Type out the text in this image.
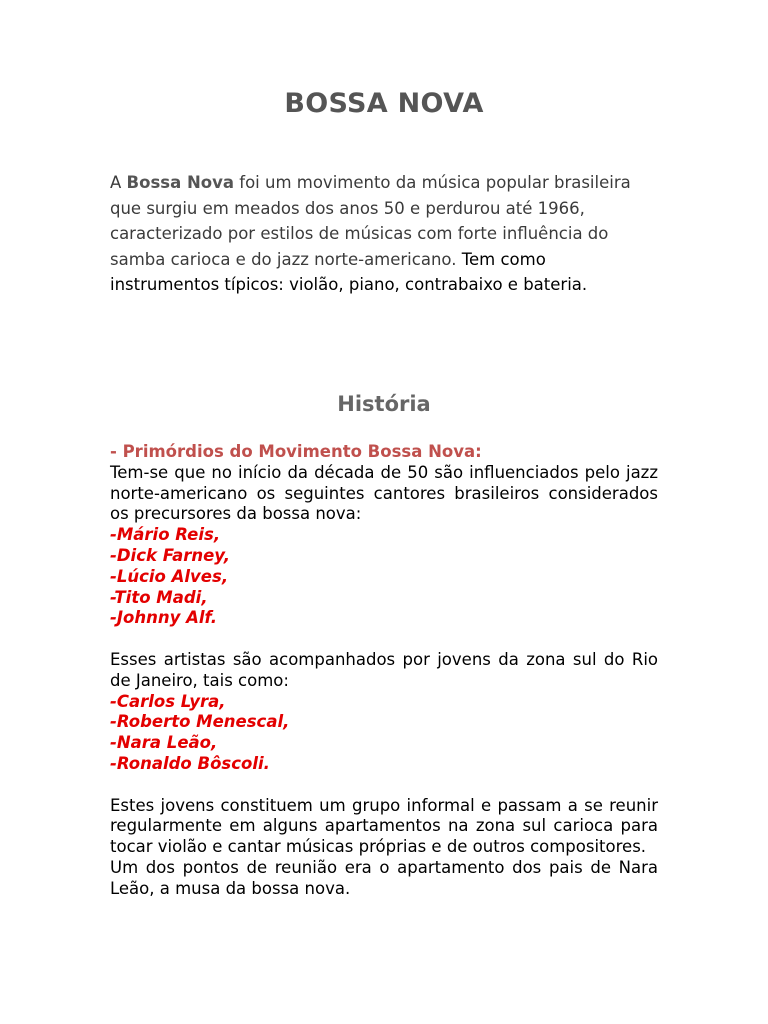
BOSSA NOVA

A Bossa Nova foi um movimento da música popular brasileira que surgiu em meados dos anos 50 e perdurou até 1966, caracterizado por estilos de músicas com forte influência do samba carioca e do jazz norte-americano. Tem como instrumentos típicos: violão, piano, contrabaixo e bateria.

História
- Primórdios do Movimento Bossa Nova:
Tem-se que no início da década de 50 são influenciados pelo jazz norte-americano os seguintes cantores brasileiros considerados os precursores da bossa nova:
-Mário Reis,
-Dick Farney,
-Lúcio Alves,
-Tito Madi,
-Johnny Alf.
Esses artistas são acompanhados por jovens da zona sul do Rio de Janeiro, tais como:
-Carlos Lyra,
-Roberto Menescal,
-Nara Leão,
-Ronaldo Bôscoli.
Estes jovens constituem um grupo informal e passam a se reunir regularmente em alguns apartamentos na zona sul carioca para tocar violão e cantar músicas próprias e de outros compositores.
Um dos pontos de reunião era o apartamento dos pais de Nara Leão, a musa da bossa nova.
